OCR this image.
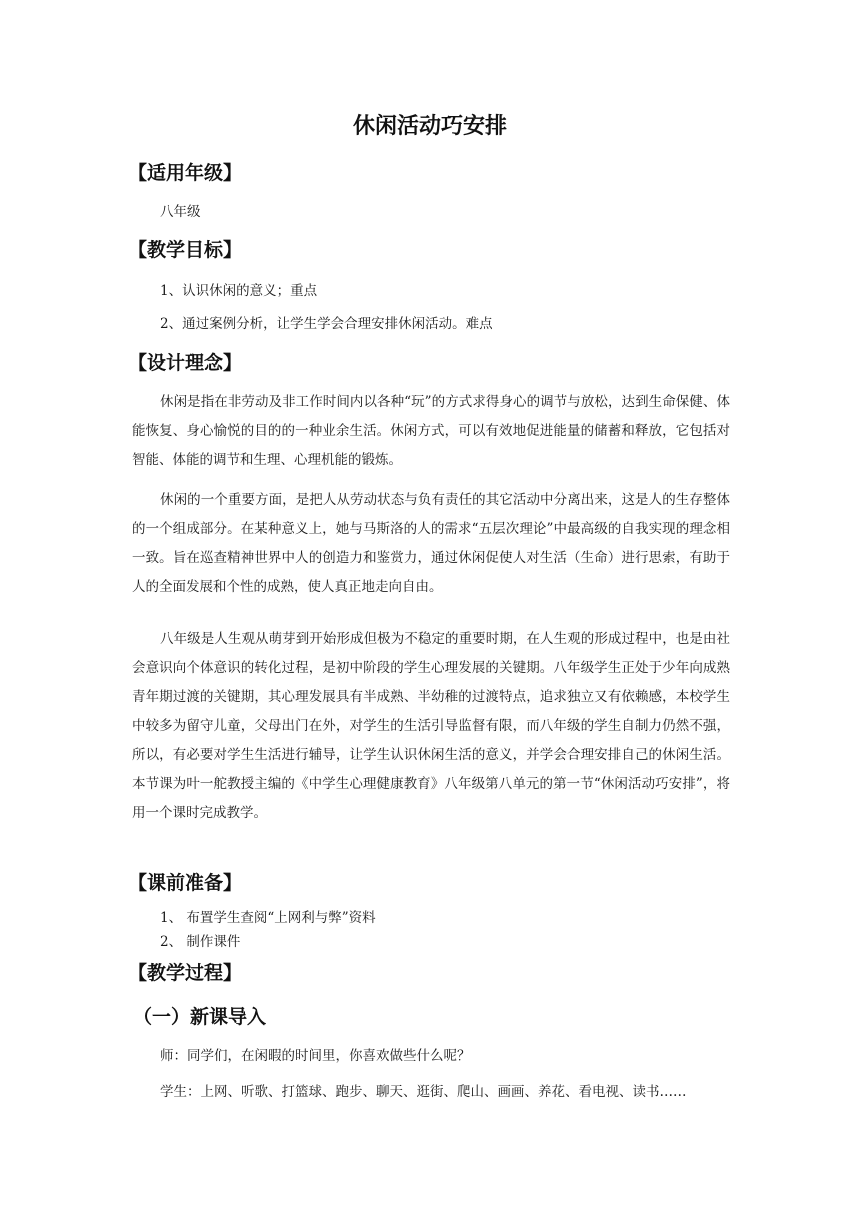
休闲活动巧安排
【适用年级】
八年级
【教学目标】
1、认识休闲的意义；重点
2、通过案例分析，让学生学会合理安排休闲活动。难点
【设计理念】

休闲是指在非劳动及非工作时间内以各种“玩”的方式求得身心的调节与放松，达到生命保健、体能恢复、身心愉悦的目的的一种业余生活。休闲方式，可以有效地促进能量的储蓄和释放，它包括对智能、体能的调节和生理、心理机能的锻炼。

休闲的一个重要方面，是把人从劳动状态与负有责任的其它活动中分离出来，这是人的生存整体的一个组成部分。在某种意义上，她与马斯洛的人的需求“五层次理论”中最高级的自我实现的理念相一致。旨在巡查精神世界中人的创造力和鉴赏力，通过休闲促使人对生活（生命）进行思索，有助于人的全面发展和个性的成熟，使人真正地走向自由。

八年级是人生观从萌芽到开始形成但极为不稳定的重要时期，在人生观的形成过程中，也是由社会意识向个体意识的转化过程，是初中阶段的学生心理发展的关键期。八年级学生正处于少年向成熟青年期过渡的关键期，其心理发展具有半成熟、半幼稚的过渡特点，追求独立又有依赖感，本校学生中较多为留守儿童，父母出门在外，对学生的生活引导监督有限，而八年级的学生自制力仍然不强，所以，有必要对学生生活进行辅导，让学生认识休闲生活的意义，并学会合理安排自己的休闲生活。本节课为叶一舵教授主编的《中学生心理健康教育》八年级第八单元的第一节“休闲活动巧安排”，将用一个课时完成教学。

【课前准备】
1、 布置学生查阅“上网利与弊”资料
2、 制作课件
【教学过程】
（一）新课导入
师：同学们，在闲暇的时间里，你喜欢做些什么呢？
学生：上网、听歌、打篮球、跑步、聊天、逛街、爬山、画画、养花、看电视、读书……
